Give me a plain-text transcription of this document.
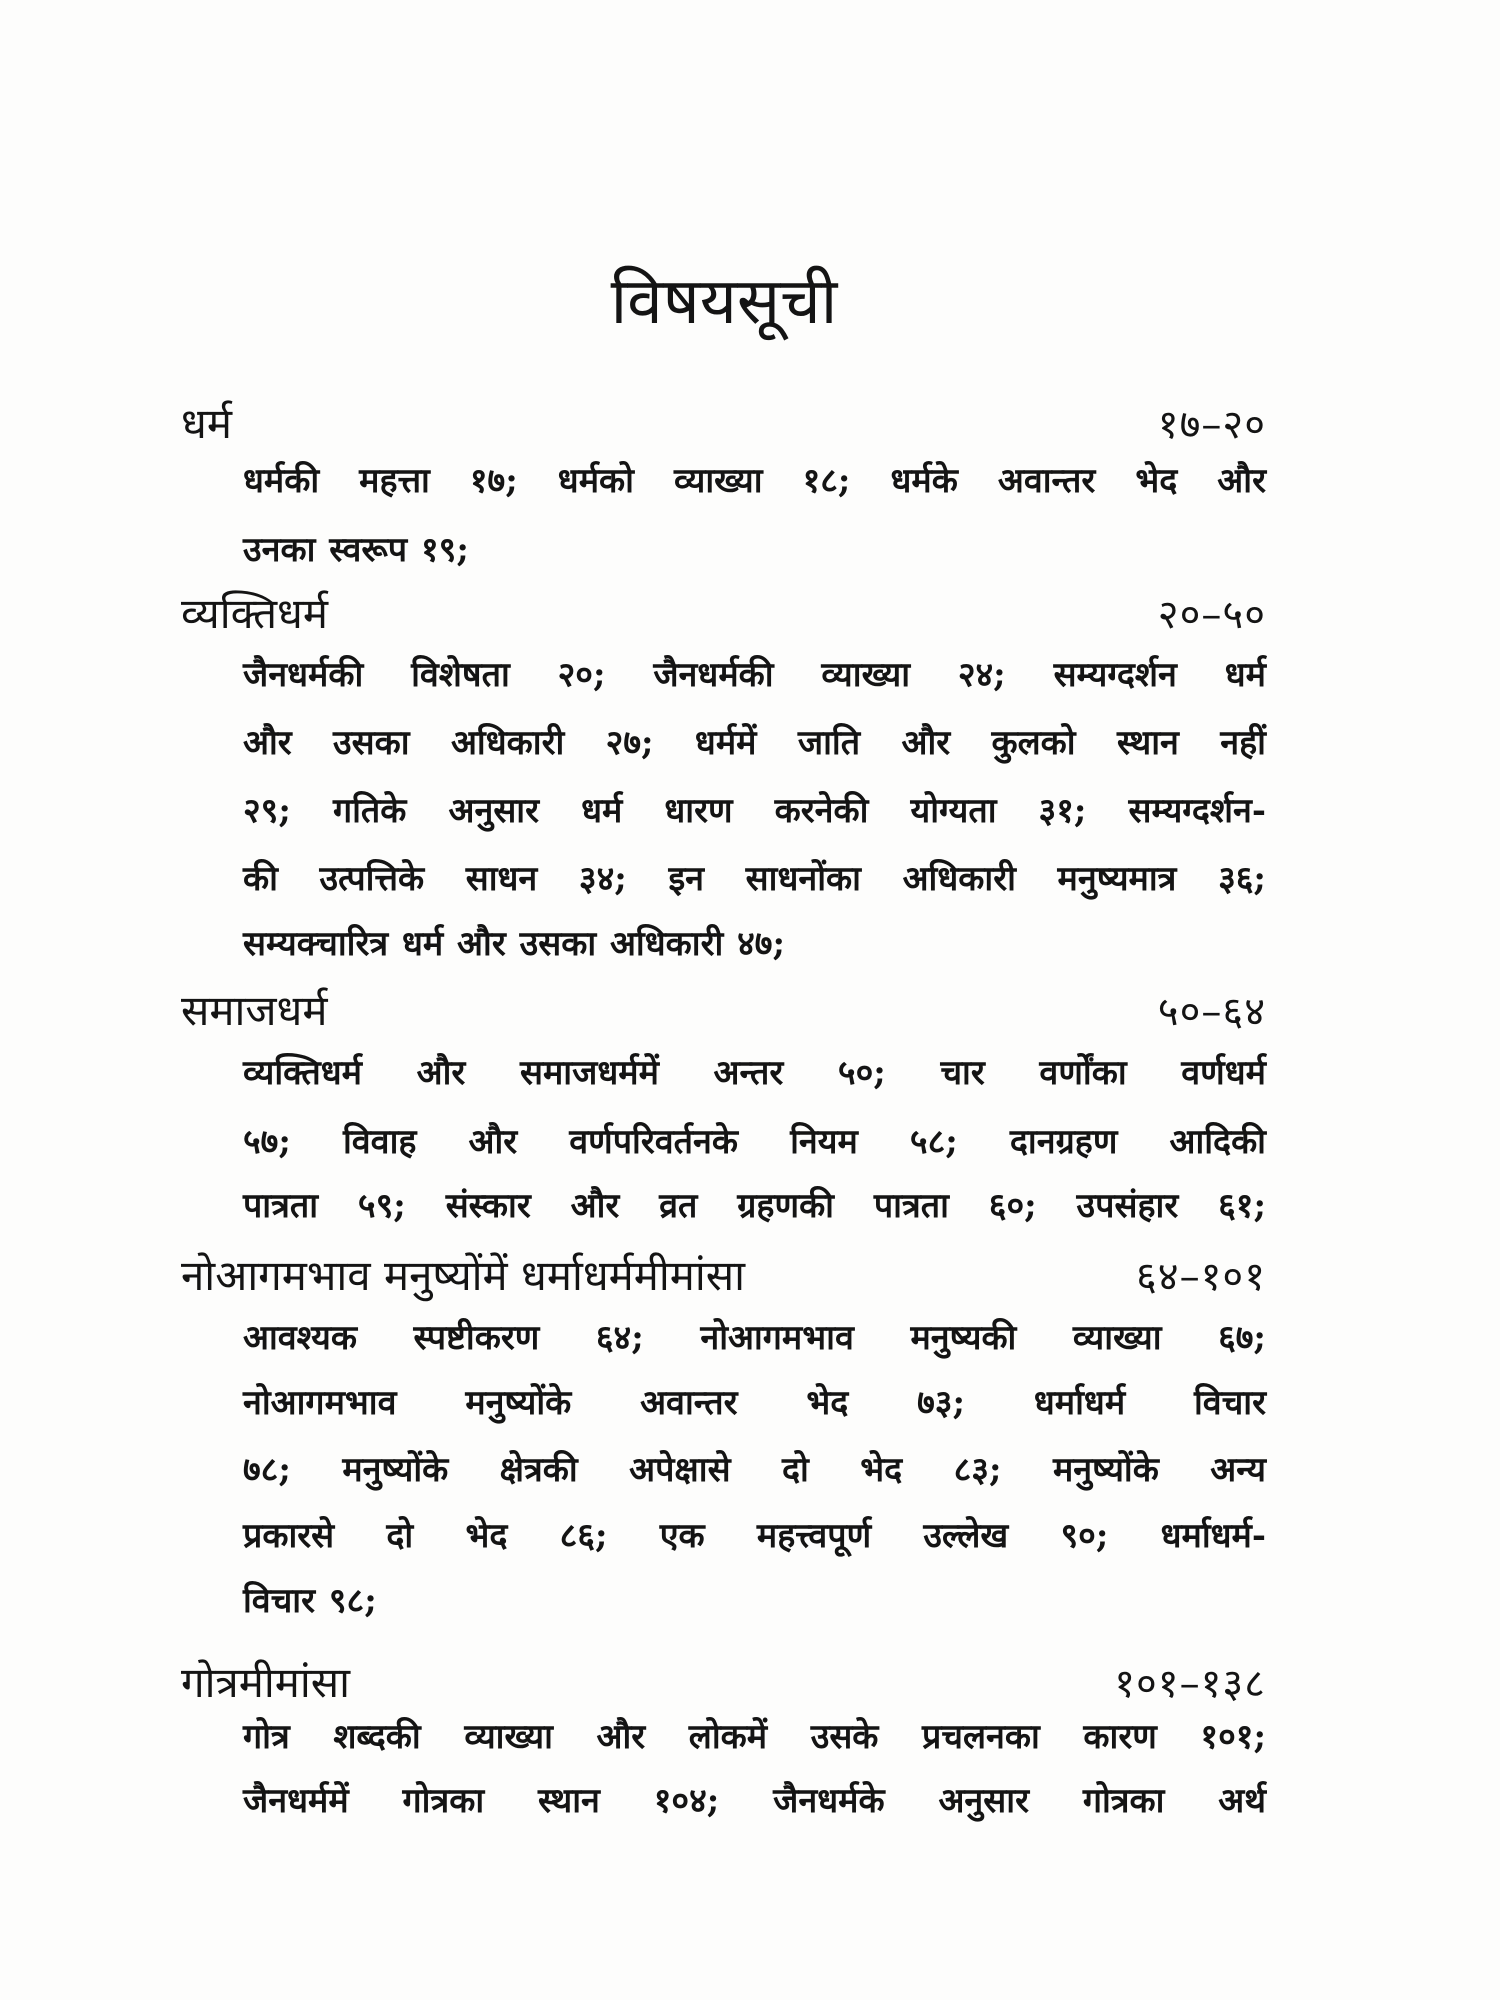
विषयसूची
धर्म	१७–२०
धर्मकी महत्ता १७; धर्मको व्याख्या १८; धर्मके अवान्तर भेद और
उनका स्वरूप १९;
व्यक्तिधर्म	२०–५०
जैनधर्मकी विशेषता २०; जैनधर्मकी व्याख्या २४; सम्यग्दर्शन धर्म
और उसका अधिकारी २७; धर्ममें जाति और कुलको स्थान नहीं
२९; गतिके अनुसार धर्म धारण करनेकी योग्यता ३१; सम्यग्दर्शन-
की उत्पत्तिके साधन ३४; इन साधनोंका अधिकारी मनुष्यमात्र ३६;
सम्यक्चारित्र धर्म और उसका अधिकारी ४७;
समाजधर्म	५०–६४
व्यक्तिधर्म और समाजधर्ममें अन्तर ५०; चार वर्णोंका वर्णधर्म
५७; विवाह और वर्णपरिवर्तनके नियम ५८; दानग्रहण आदिकी
पात्रता ५९; संस्कार और व्रत ग्रहणकी पात्रता ६०; उपसंहार ६१;
नोआगमभाव मनुष्योंमें धर्माधर्ममीमांसा	६४–१०१
आवश्यक स्पष्टीकरण ६४; नोआगमभाव मनुष्यकी व्याख्या ६७;
नोआगमभाव मनुष्योंके अवान्तर भेद ७३; धर्माधर्म विचार
७८; मनुष्योंके क्षेत्रकी अपेक्षासे दो भेद ८३; मनुष्योंके अन्य
प्रकारसे दो भेद ८६; एक महत्त्वपूर्ण उल्लेख ९०; धर्माधर्म-
विचार ९८;
गोत्रमीमांसा	१०१–१३८
गोत्र शब्दकी व्याख्या और लोकमें उसके प्रचलनका कारण १०१;
जैनधर्ममें गोत्रका स्थान १०४; जैनधर्मके अनुसार गोत्रका अर्थ
